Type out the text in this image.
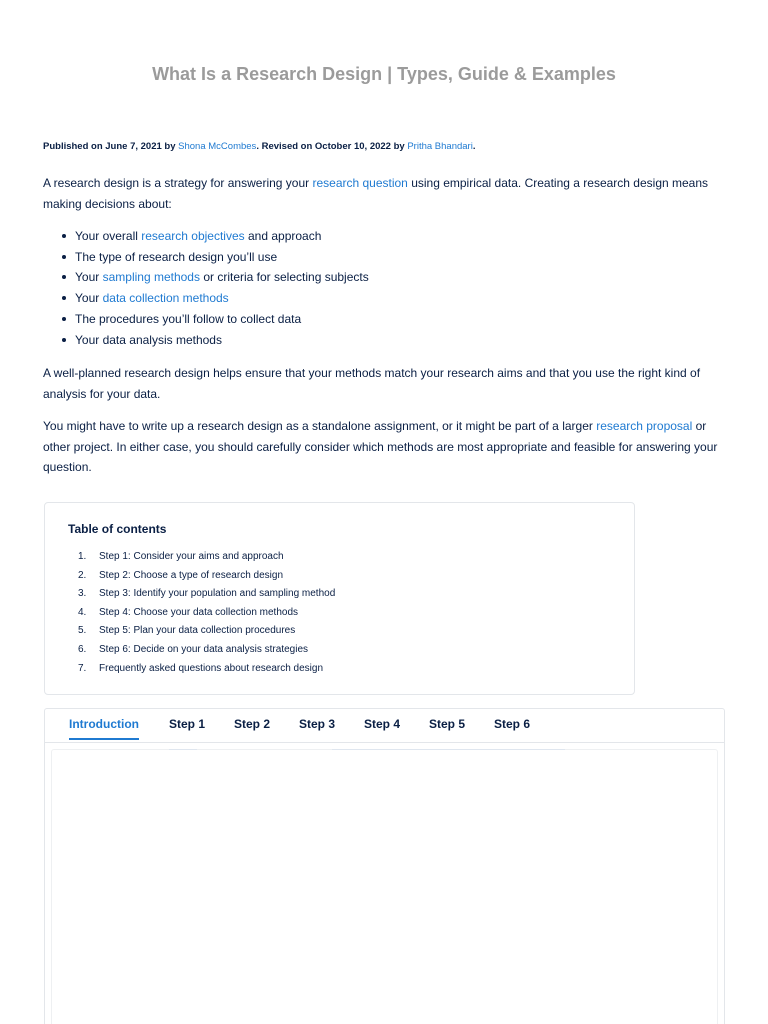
What Is a Research Design | Types, Guide & Examples
Published on June 7, 2021 by Shona McCombes. Revised on October 10, 2022 by Pritha Bhandari.

A research design is a strategy for answering your research question using empirical data. Creating a research design means making decisions about:

Your overall research objectives and approach
The type of research design you’ll use
Your sampling methods or criteria for selecting subjects
Your data collection methods
The procedures you’ll follow to collect data
Your data analysis methods

A well-planned research design helps ensure that your methods match your research aims and that you use the right kind of analysis for your data.

You might have to write up a research design as a standalone assignment, or it might be part of a larger research proposal or other project. In either case, you should carefully consider which methods are most appropriate and feasible for answering your question.

Table of contents
1. Step 1: Consider your aims and approach
2. Step 2: Choose a type of research design
3. Step 3: Identify your population and sampling method
4. Step 4: Choose your data collection methods
5. Step 5: Plan your data collection procedures
6. Step 6: Decide on your data analysis strategies
7. Frequently asked questions about research design
Introduction	Step 1 Step 2 Step 3 Step 4 Step 5 Step 6
